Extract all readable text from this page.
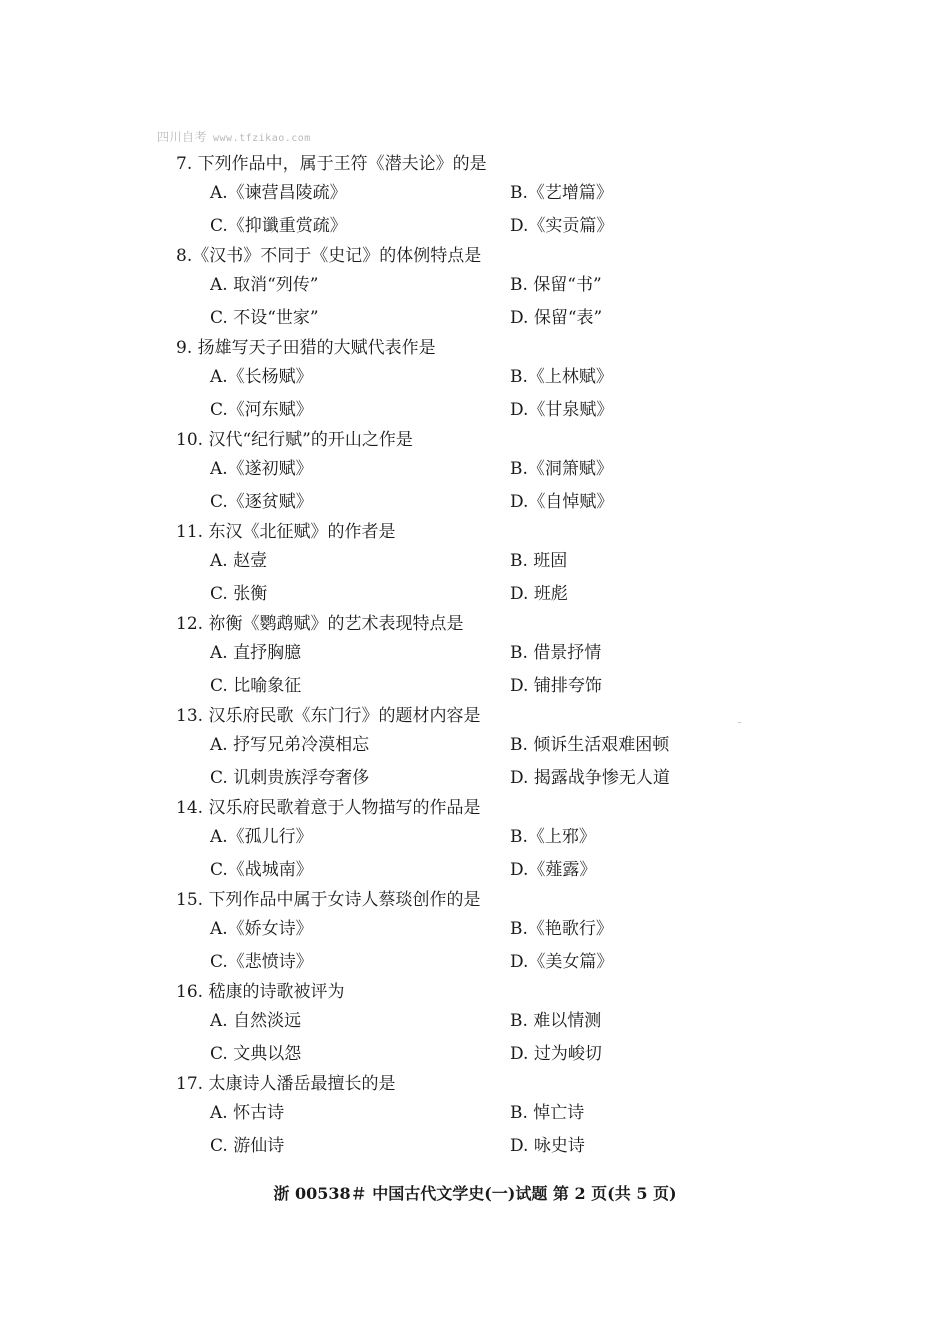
四川自考 www.tfzikao.com
7. 下列作品中，属于王符《潜夫论》的是
A.《谏营昌陵疏》	B.《艺增篇》
C.《抑谶重赏疏》	D.《实贡篇》
8.《汉书》不同于《史记》的体例特点是
A. 取消“列传”	B. 保留“书”
C. 不设“世家”	D. 保留“表”
9. 扬雄写天子田猎的大赋代表作是
A.《长杨赋》	B.《上林赋》
C.《河东赋》	D.《甘泉赋》
10. 汉代“纪行赋”的开山之作是
A.《遂初赋》	B.《洞箫赋》
C.《逐贫赋》	D.《自悼赋》
11. 东汉《北征赋》的作者是
A. 赵壹	B. 班固
C. 张衡	D. 班彪
12. 祢衡《鹦鹉赋》的艺术表现特点是
A. 直抒胸臆	B. 借景抒情
C. 比喻象征	D. 铺排夸饰
13. 汉乐府民歌《东门行》的题材内容是
A. 抒写兄弟冷漠相忘	B. 倾诉生活艰难困顿
C. 讥刺贵族浮夸奢侈	D. 揭露战争惨无人道
14. 汉乐府民歌着意于人物描写的作品是
A.《孤儿行》	B.《上邪》
C.《战城南》	D.《薤露》
15. 下列作品中属于女诗人蔡琰创作的是
A.《娇女诗》	B.《艳歌行》
C.《悲愤诗》	D.《美女篇》
16. 嵇康的诗歌被评为
A. 自然淡远	B. 难以情测
C. 文典以怨	D. 过为峻切
17. 太康诗人潘岳最擅长的是
A. 怀古诗	B. 悼亡诗
C. 游仙诗	D. 咏史诗
浙 00538＃ 中国古代文学史(一)试题 第 2 页(共 5 页)
